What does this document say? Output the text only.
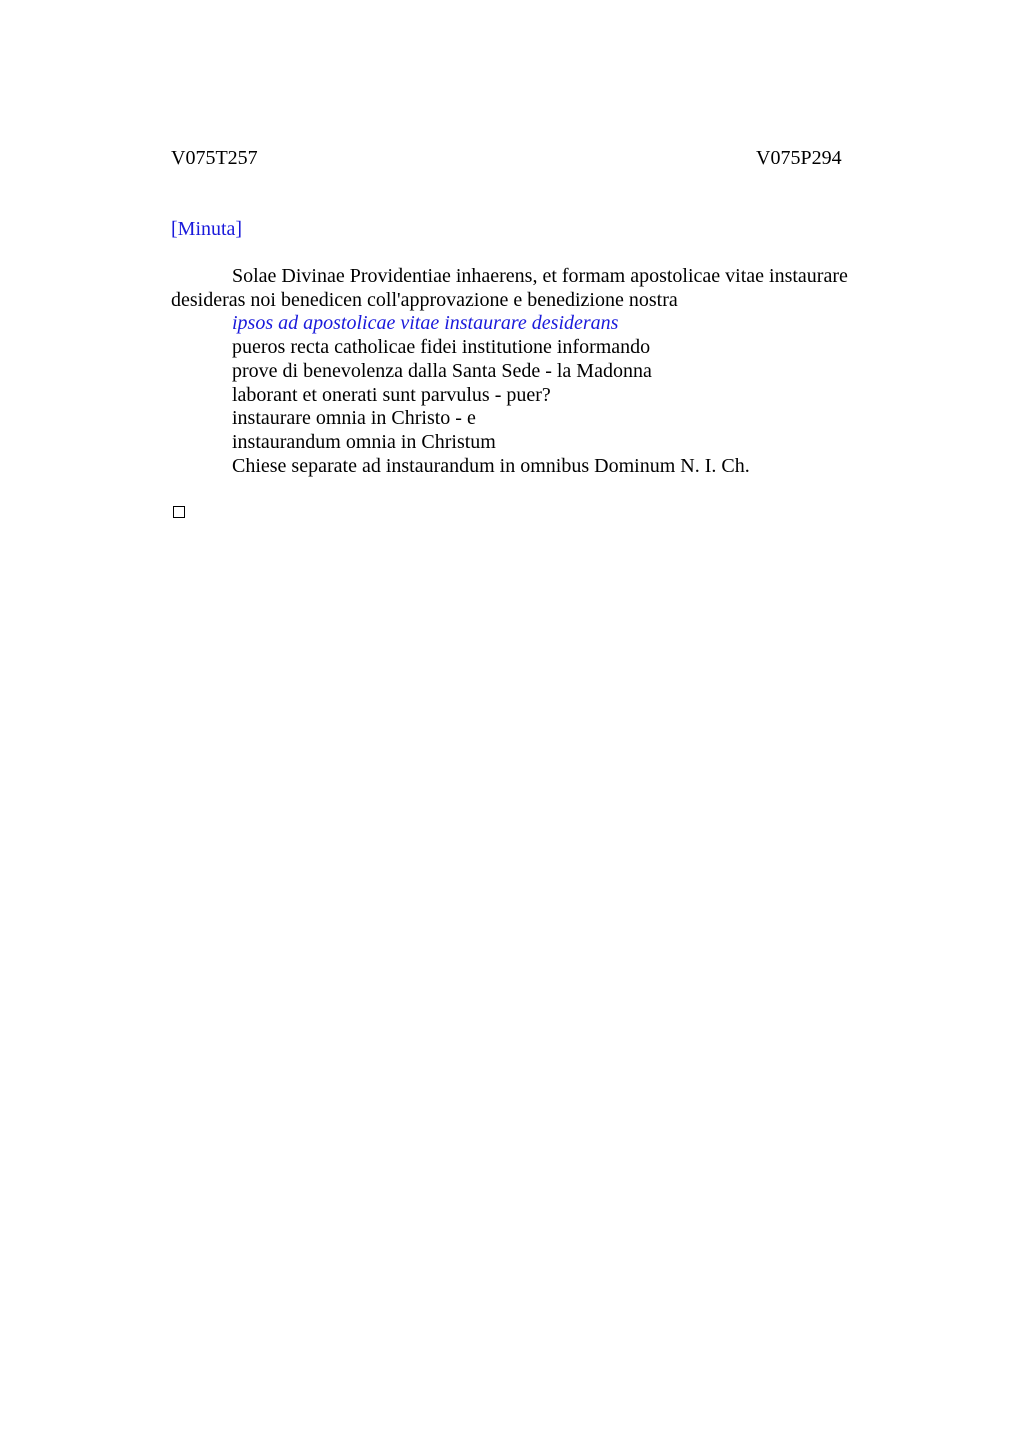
V075T257	V075P294
[Minuta]

Solae Divinae Providentiae inhaerens, et formam apostolicae vitae instaurare desideras noi benedicen coll'approvazione e benedizione nostra

ipsos ad apostolicae vitae instaurare desiderans
pueros recta catholicae fidei institutione informando
prove di benevolenza dalla Santa Sede - la Madonna
laborant et onerati sunt parvulus - puer?
instaurare omnia in Christo - e
instaurandum omnia in Christum
Chiese separate ad instaurandum in omnibus Dominum N. I. Ch.
